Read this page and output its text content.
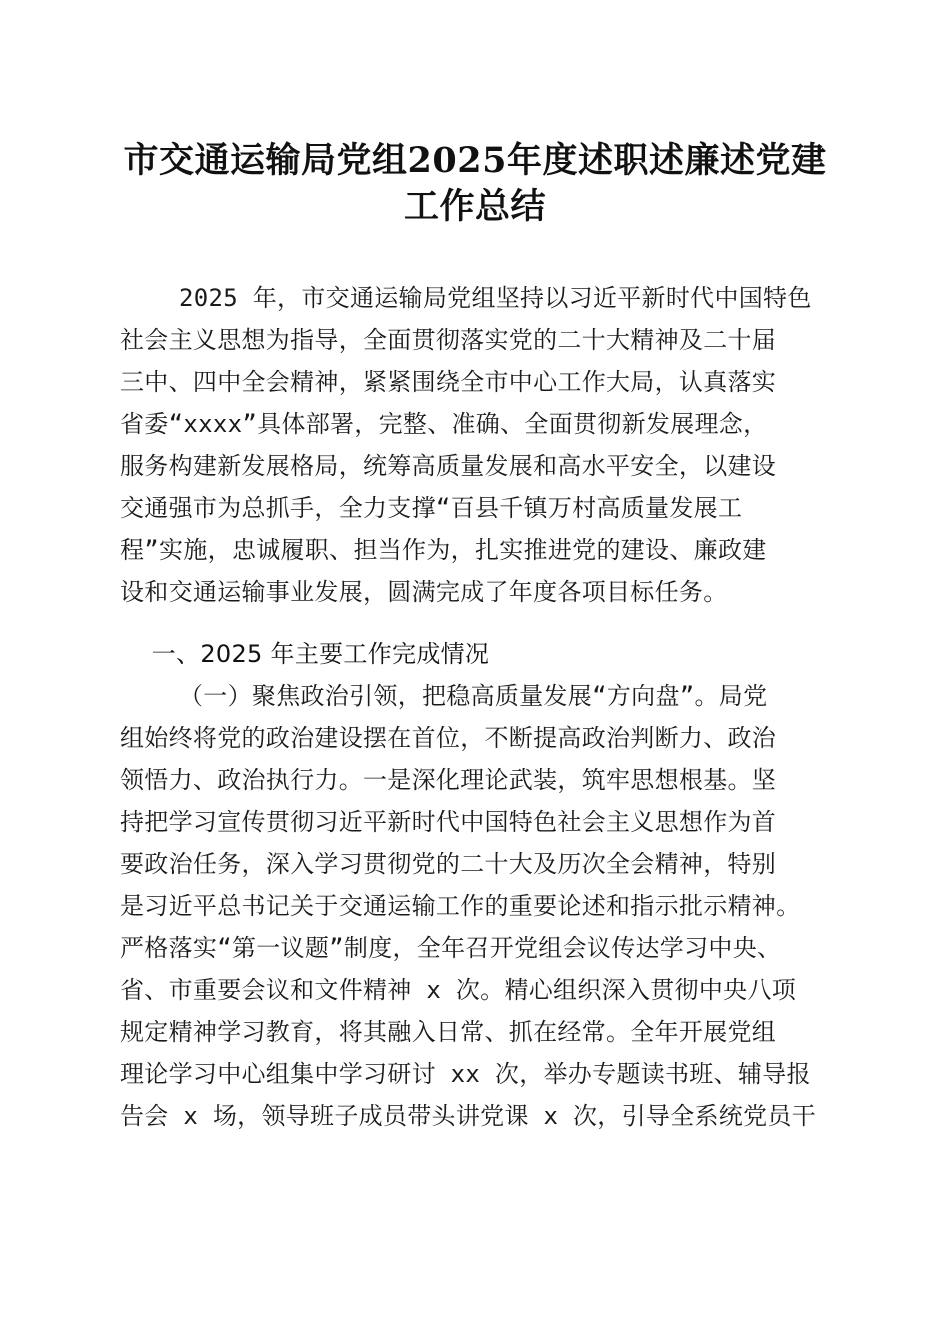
市交通运输局党组2025年度述职述廉述党建
工作总结
2025 年，市交通运输局党组坚持以习近平新时代中国特色
社会主义思想为指导，全面贯彻落实党的二十大精神及二十届
三中、四中全会精神，紧紧围绕全市中心工作大局，认真落实
省委“xxxx”具体部署，完整、准确、全面贯彻新发展理念，
服务构建新发展格局，统筹高质量发展和高水平安全，以建设
交通强市为总抓手，全力支撑“百县千镇万村高质量发展工
程”实施，忠诚履职、担当作为，扎实推进党的建设、廉政建
设和交通运输事业发展，圆满完成了年度各项目标任务。
一、2025 年主要工作完成情况
（一）聚焦政治引领，把稳高质量发展“方向盘”。局党
组始终将党的政治建设摆在首位，不断提高政治判断力、政治
领悟力、政治执行力。一是深化理论武装，筑牢思想根基。坚
持把学习宣传贯彻习近平新时代中国特色社会主义思想作为首
要政治任务，深入学习贯彻党的二十大及历次全会精神，特别
是习近平总书记关于交通运输工作的重要论述和指示批示精神。
严格落实“第一议题”制度，全年召开党组会议传达学习中央、
省、市重要会议和文件精神 x 次。精心组织深入贯彻中央八项
规定精神学习教育，将其融入日常、抓在经常。全年开展党组
理论学习中心组集中学习研讨 xx 次，举办专题读书班、辅导报
告会 x 场，领导班子成员带头讲党课 x 次，引导全系统党员干
